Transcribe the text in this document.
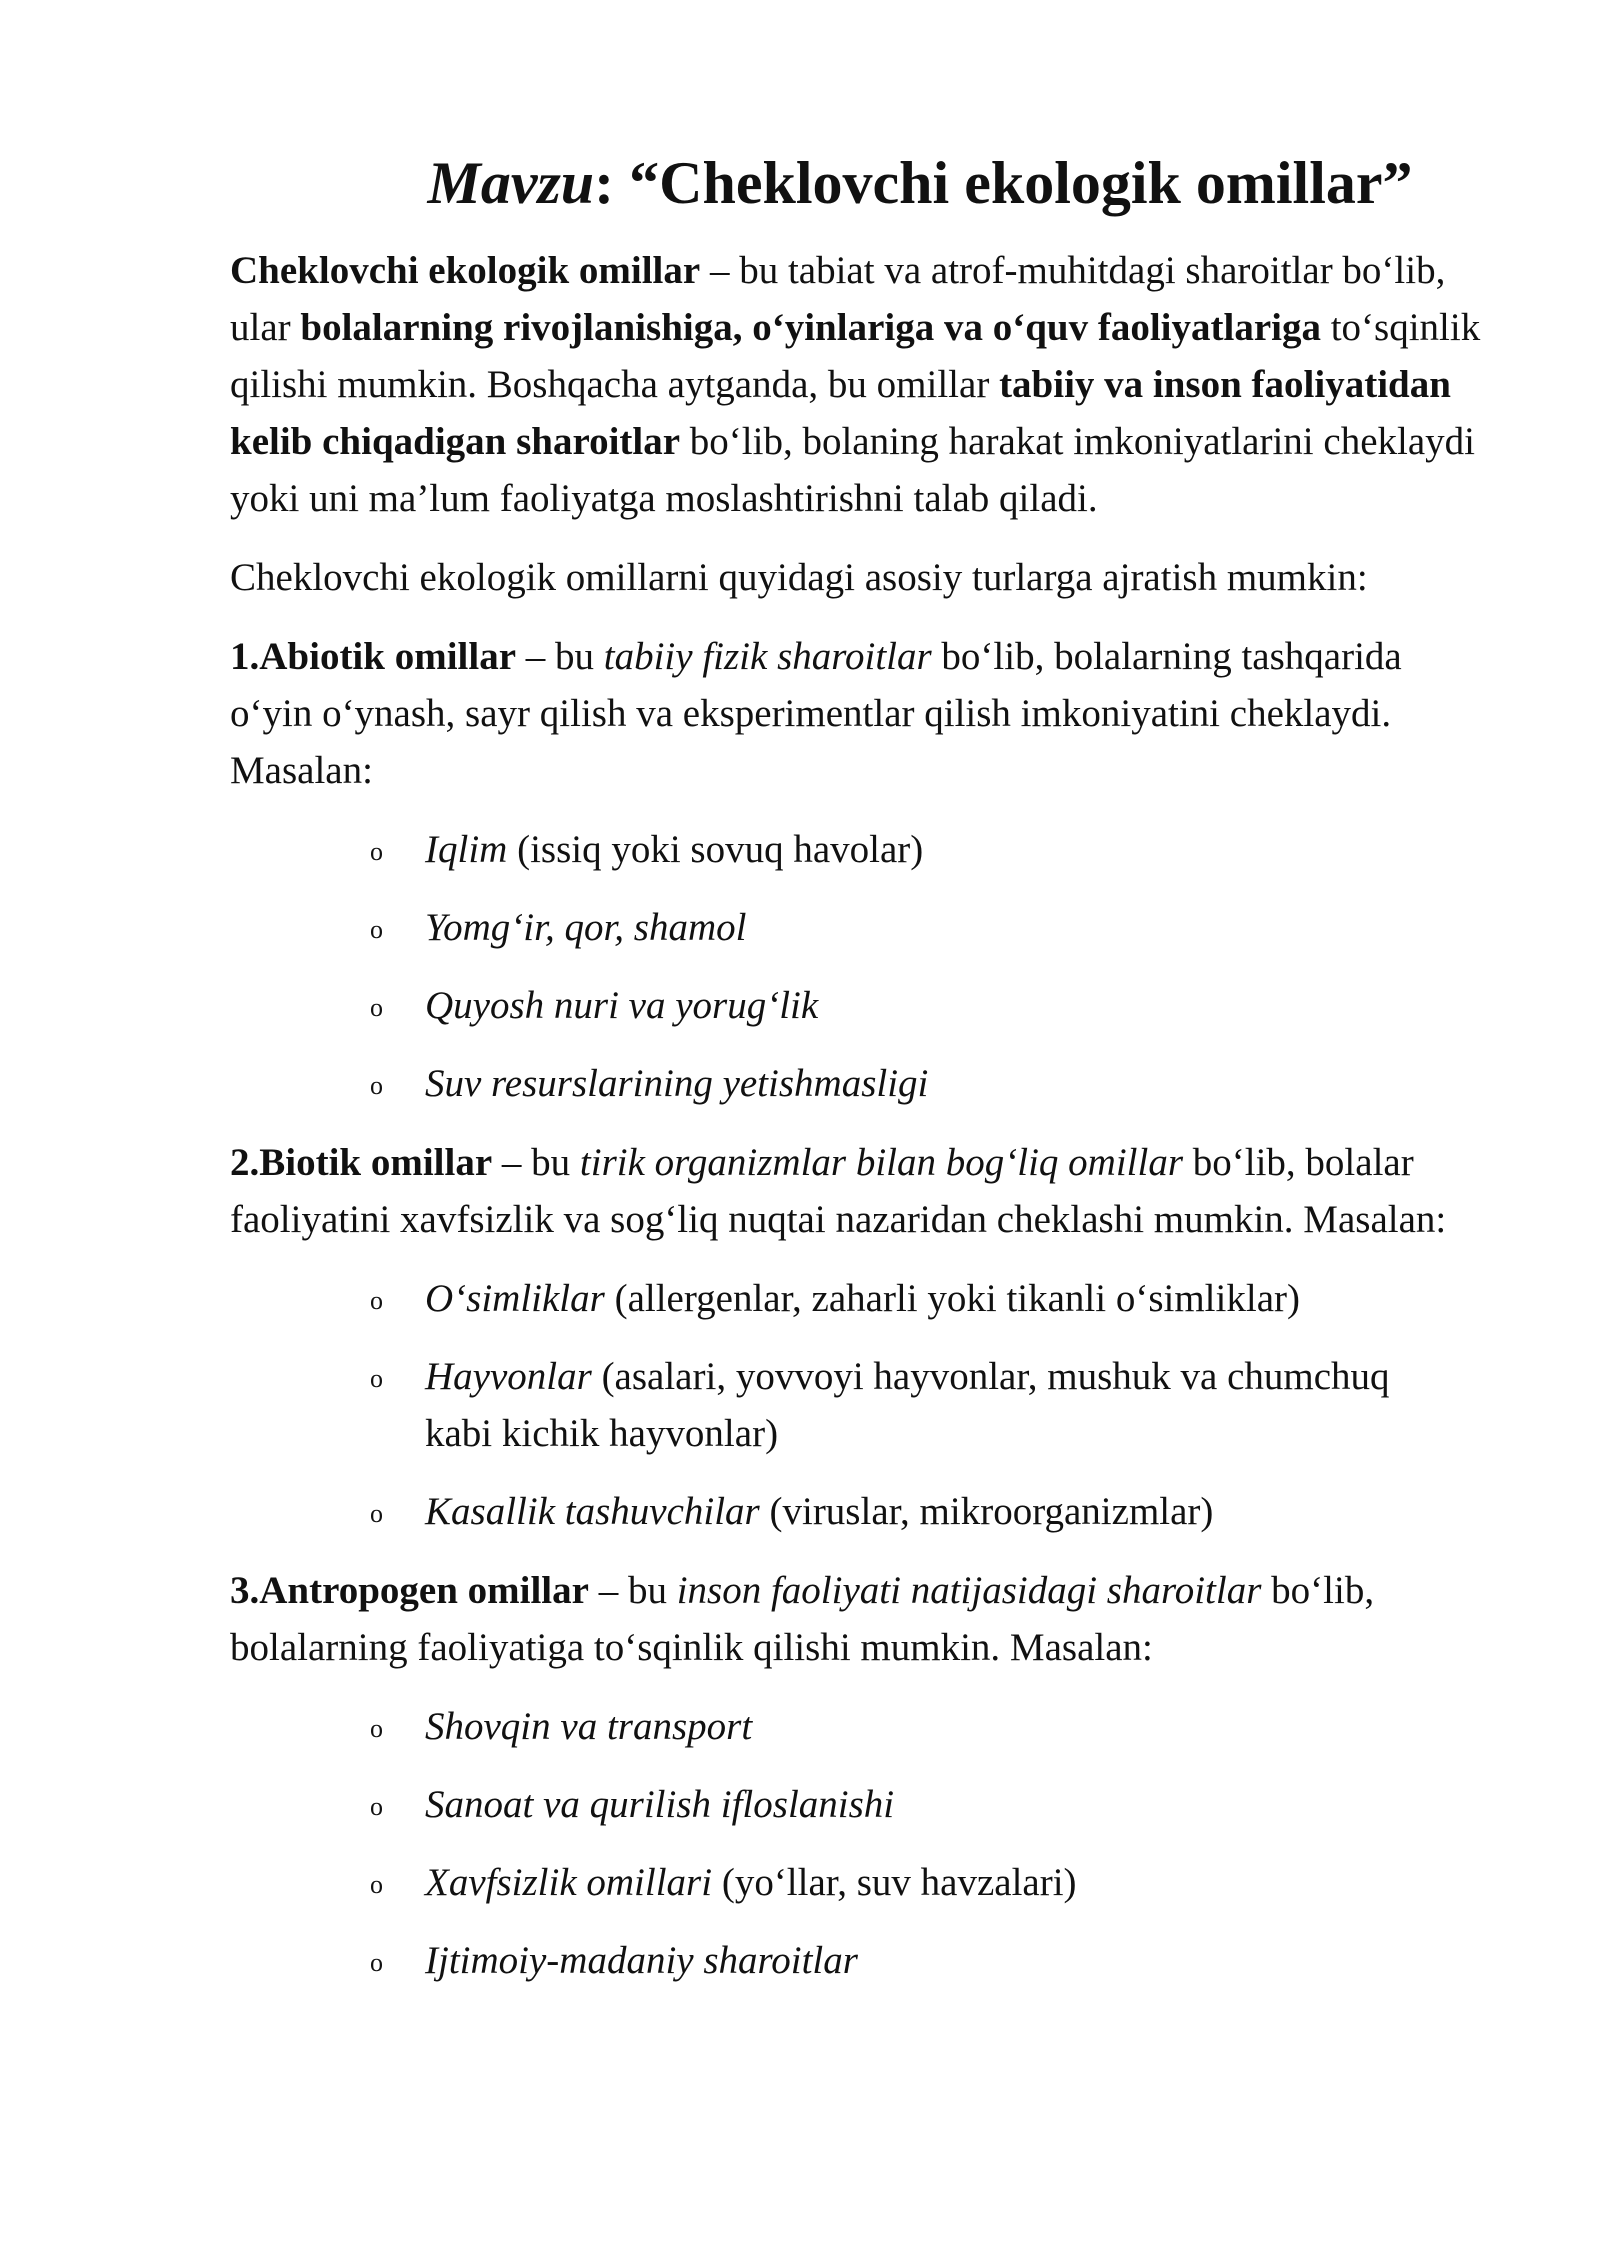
Mavzu: “Cheklovchi ekologik omillar”

Cheklovchi ekologik omillar – bu tabiat va atrof-muhitdagi sharoitlar bo‘lib, ular bolalarning rivojlanishiga, o‘yinlariga va o‘quv faoliyatlariga to‘sqinlik qilishi mumkin. Boshqacha aytganda, bu omillar tabiiy va inson faoliyatidan kelib chiqadigan sharoitlar bo‘lib, bolaning harakat imkoniyatlarini cheklaydi yoki uni ma’lum faoliyatga moslashtirishni talab qiladi.

Cheklovchi ekologik omillarni quyidagi asosiy turlarga ajratish mumkin:

1.Abiotik omillar – bu tabiiy fizik sharoitlar bo‘lib, bolalarning tashqarida o‘yin o‘ynash, sayr qilish va eksperimentlar qilish imkoniyatini cheklaydi. Masalan:

o Iqlim (issiq yoki sovuq havolar)
o Yomg‘ir, qor, shamol
o Quyosh nuri va yorug‘lik
o Suv resurslarining yetishmasligi

2.Biotik omillar – bu tirik organizmlar bilan bog‘liq omillar bo‘lib, bolalar faoliyatini xavfsizlik va sog‘liq nuqtai nazaridan cheklashi mumkin. Masalan:

o O‘simliklar (allergenlar, zaharli yoki tikanli o‘simliklar)
o Hayvonlar (asalari, yovvoyi hayvonlar, mushuk va chumchuq kabi kichik hayvonlar)
o Kasallik tashuvchilar (viruslar, mikroorganizmlar)

3.Antropogen omillar – bu inson faoliyati natijasidagi sharoitlar bo‘lib, bolalarning faoliyatiga to‘sqinlik qilishi mumkin. Masalan:

o Shovqin va transport
o Sanoat va qurilish ifloslanishi
o Xavfsizlik omillari (yo‘llar, suv havzalari)
o Ijtimoiy-madaniy sharoitlar
